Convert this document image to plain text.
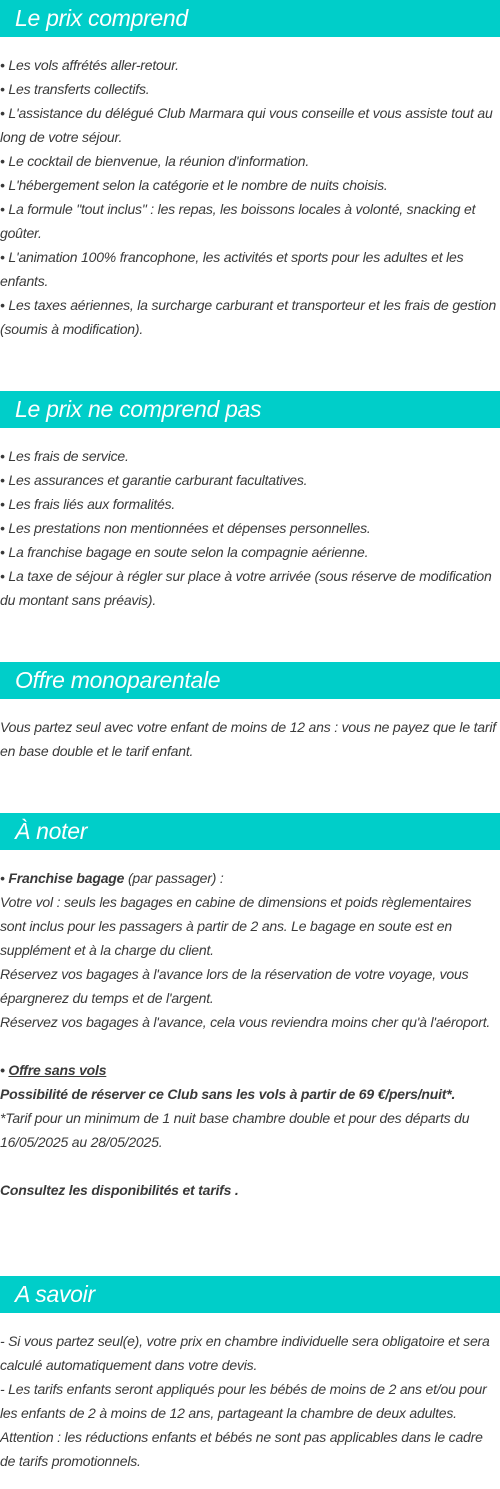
Le prix comprend
• Les vols affrétés aller-retour.
• Les transferts collectifs.
• L'assistance du délégué Club Marmara qui vous conseille et vous assiste tout au long de votre séjour.
• Le cocktail de bienvenue, la réunion d'information.
• L'hébergement selon la catégorie et le nombre de nuits choisis.
• La formule "tout inclus" : les repas, les boissons locales à volonté, snacking et goûter.
• L'animation 100% francophone, les activités et sports pour les adultes et les enfants.
• Les taxes aériennes, la surcharge carburant et transporteur et les frais de gestion (soumis à modification).
Le prix ne comprend pas
• Les frais de service.
• Les assurances et garantie carburant facultatives.
• Les frais liés aux formalités.
• Les prestations non mentionnées et dépenses personnelles.
• La franchise bagage en soute selon la compagnie aérienne.
• La taxe de séjour à régler sur place à votre arrivée (sous réserve de modification du montant sans préavis).
Offre monoparentale
Vous partez seul avec votre enfant de moins de 12 ans : vous ne payez que le tarif en base double et le tarif enfant.
À noter
• Franchise bagage (par passager) :
Votre vol : seuls les bagages en cabine de dimensions et poids règlementaires sont inclus pour les passagers à partir de 2 ans. Le bagage en soute est en supplément et à la charge du client.
Réservez vos bagages à l'avance lors de la réservation de votre voyage, vous épargnerez du temps et de l'argent.
Réservez vos bagages à l'avance, cela vous reviendra moins cher qu'à l'aéroport.
• Offre sans vols
Possibilité de réserver ce Club sans les vols à partir de 69 €/pers/nuit*.
*Tarif pour un minimum de 1 nuit base chambre double et pour des départs du 16/05/2025 au 28/05/2025.
Consultez les disponibilités et tarifs .
A savoir
- Si vous partez seul(e), votre prix en chambre individuelle sera obligatoire et sera calculé automatiquement dans votre devis.
- Les tarifs enfants seront appliqués pour les bébés de moins de 2 ans et/ou pour les enfants de 2 à moins de 12 ans, partageant la chambre de deux adultes.
Attention : les réductions enfants et bébés ne sont pas applicables dans le cadre de tarifs promotionnels.
